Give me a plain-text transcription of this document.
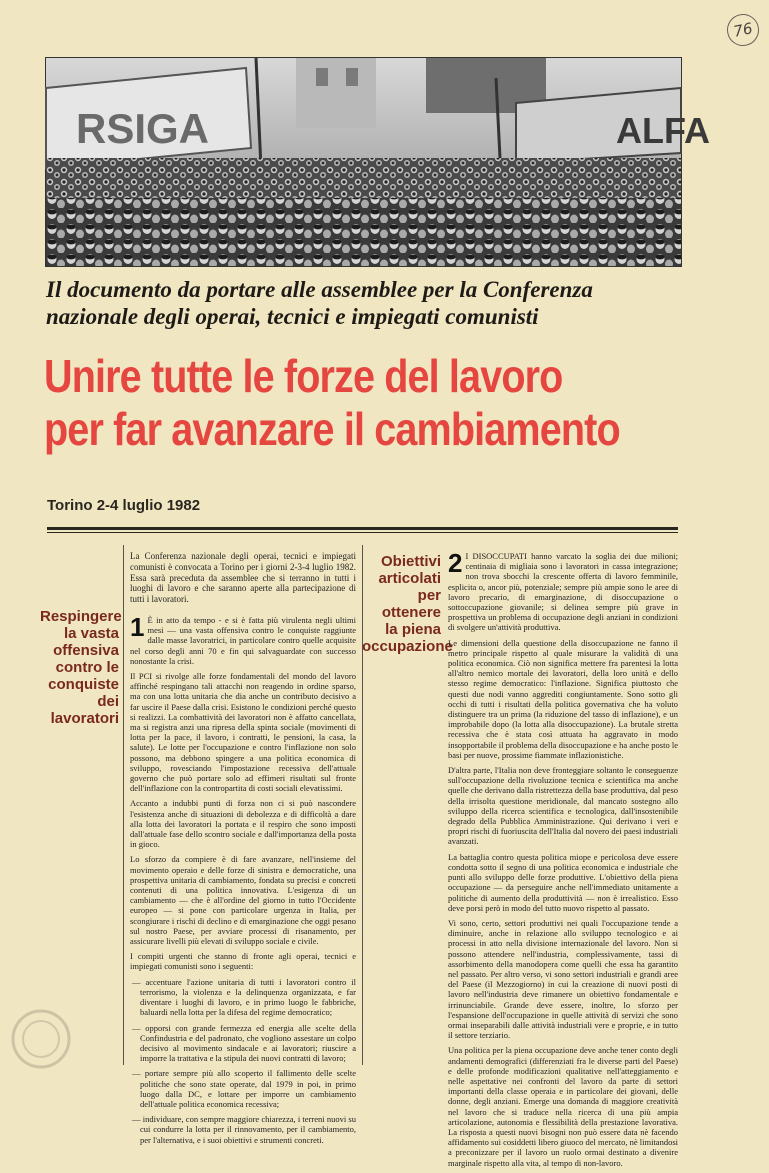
76
RSIGA	ALFA
Il documento da portare alle assemblee per la Conferenza
nazionale degli operai, tecnici e impiegati comunisti
Unire tutte le forze del lavoro
per far avanzare il cambiamento
Torino 2-4 luglio 1982
Respingere
la vasta
offensiva
contro le
conquiste dei
lavoratori

La Conferenza nazionale degli operai, tecnici e impiegati comunisti è convocata a Torino per i giorni 2-3-4 luglio 1982. Essa sarà preceduta da assemblee che si terranno in tutti i luoghi di lavoro e che saranno aperte alla partecipazione di tutti i lavoratori.

1 È in atto da tempo - e si è fatta più virulenta negli ultimi mesi — una vasta offensiva contro le conquiste raggiunte dalle masse lavoratrici, in particolare contro quelle acquisite nel corso degli anni 70 e fin qui salvaguardate con successo nonostante la crisi.

Il PCI si rivolge alle forze fondamentali del mondo del lavoro affinché respingano tali attacchi non reagendo in ordine sparso, ma con una lotta unitaria che dia anche un contributo decisivo a far uscire il Paese dalla crisi. Esistono le condizioni perché questo si realizzi. La combattività dei lavoratori non è affatto cancellata, ma si registra anzi una ripresa della spinta sociale (movimenti di lotta per la pace, il lavoro, i contratti, le pensioni, la casa, la salute). Le lotte per l'occupazione e contro l'inflazione non solo possono, ma debbono spingere a una politica economica di sviluppo, rovesciando l'impostazione recessiva dell'attuale governo che può portare solo ad effimeri risultati sul fronte dell'inflazione con la contropartita di costi sociali elevatissimi.

Accanto a indubbi punti di forza non ci si può nascondere l'esistenza anche di situazioni di debolezza e di difficoltà a dare alla lotta dei lavoratori la portata e il respiro che sono imposti dall'attuale fase dello scontro sociale e dall'importanza della posta in gioco.

Lo sforzo da compiere è di fare avanzare, nell'insieme del movimento operaio e delle forze di sinistra e democratiche, una prospettiva unitaria di cambiamento, fondata su precisi e concreti contenuti di una politica innovativa. L'esigenza di un cambiamento — che è all'ordine del giorno in tutto l'Occidente europeo — si pone con particolare urgenza in Italia, per scongiurare i rischi di declino e di emarginazione che oggi pesano sul nostro Paese, per avviare processi di risanamento, per assicurare livelli più elevati di sviluppo sociale e civile.

I compiti urgenti che stanno di fronte agli operai, tecnici e impiegati comunisti sono i seguenti:

— accentuare l'azione unitaria di tutti i lavoratori contro il terrorismo, la violenza e la delinquenza organizzata, e far diventare i luoghi di lavoro, e in primo luogo le fabbriche, baluardi nella lotta per la difesa del regime democratico;

— opporsi con grande fermezza ed energia alle scelte della Confindustria e del padronato, che vogliono assestare un colpo decisivo al movimento sindacale e ai lavoratori; riuscire a imporre la trattativa e la stipula dei nuovi contratti di lavoro;

— portare sempre più allo scoperto il fallimento delle scelte politiche che sono state operate, dal 1979 in poi, in primo luogo dalla DC, e lottare per imporre un cambiamento dell'attuale politica economica recessiva;

— individuare, con sempre maggiore chiarezza, i terreni nuovi su cui condurre la lotta per il rinnovamento, per il cambiamento, per l'alternativa, e i suoi obiettivi e strumenti concreti.

Obiettivi
articolati
per
ottenere
la piena
occupazione

2 I DISOCCUPATI hanno varcato la soglia dei due milioni; centinaia di migliaia sono i lavoratori in cassa integrazione; non trova sbocchi la crescente offerta di lavoro femminile, esplicita o, ancor più, potenziale; sempre più ampie sono le aree di lavoro precario, di emarginazione, di disoccupazione o sottoccupazione giovanile; si delinea sempre più grave in prospettiva un problema di occupazione degli anziani in condizioni di svolgere un'attività produttiva.

Le dimensioni della questione della disoccupazione ne fanno il metro principale rispetto al quale misurare la validità di una politica economica. Ciò non significa mettere fra parentesi la lotta all'altro nemico mortale dei lavoratori, della loro unità e dello stesso regime democratico: l'inflazione. Significa piuttosto che questi due nodi vanno aggrediti congiuntamente. Sono sotto gli occhi di tutti i risultati della politica governativa che ha voluto distinguere tra un prima (la riduzione del tasso di inflazione), e un improbabile dopo (la lotta alla disoccupazione). La brutale stretta recessiva che è stata così attuata ha aggravato in modo insopportabile il problema della disoccupazione e ha anche posto le basi per nuove, prossime fiammate inflazionistiche.

D'altra parte, l'Italia non deve fronteggiare soltanto le conseguenze sull'occupazione della rivoluzione tecnica e scientifica ma anche quelle che derivano dalla ristrettezza della base produttiva, dal peso della irrisolta questione meridionale, dal mancato sostegno allo sviluppo della ricerca scientifica e tecnologica, dall'insostenibile degrado della Pubblica Amministrazione. Qui derivano i veri e propri rischi di fuoriuscita dell'Italia dal novero dei paesi industriali avanzati.

La battaglia contro questa politica miope e pericolosa deve essere condotta sotto il segno di una politica economica e industriale che punti allo sviluppo delle forze produttive. L'obiettivo della piena occupazione — da perseguire anche nell'immediato unitamente a politiche di aumento della produttività — non è irrealistico. Esso deve porsi però in modo del tutto nuovo rispetto al passato.

Vi sono, certo, settori produttivi nei quali l'occupazione tende a diminuire, anche in relazione allo sviluppo tecnologico e ai processi in atto nella divisione internazionale del lavoro. Non si possono attendere nell'industria, complessivamente, tassi di assorbimento della manodopera come quelli che essa ha garantito nel passato. Per altro verso, vi sono settori industriali e grandi aree del Paese (il Mezzogiorno) in cui la creazione di nuovi posti di lavoro nell'industria deve rimanere un obiettivo fondamentale e irrinunciabile. Grande deve essere, inoltre, lo sforzo per l'espansione dell'occupazione in quelle attività di servizi che sono ormai inseparabili dalle attività industriali vere e proprie, e in tutto il settore terziario.

Una politica per la piena occupazione deve anche tener conto degli andamenti demografici (differenziati fra le diverse parti del Paese) e delle profonde modificazioni qualitative nell'atteggiamento e nelle aspettative nei confronti del lavoro da parte di settori importanti della classe operaia e in particolare dei giovani, delle donne, degli anziani. Emerge una domanda di maggiore creatività nel lavoro che si traduce nella ricerca di una più ampia articolazione, autonomia e flessibilità della prestazione lavorativa. La risposta a questi nuovi bisogni non può essere data nè facendo affidamento sui cosiddetti libero giuoco del mercato, nè limitandosi a preconizzare per il lavoro un ruolo ormai destinato a divenire marginale rispetto alla vita, al tempo di non-lavoro.
